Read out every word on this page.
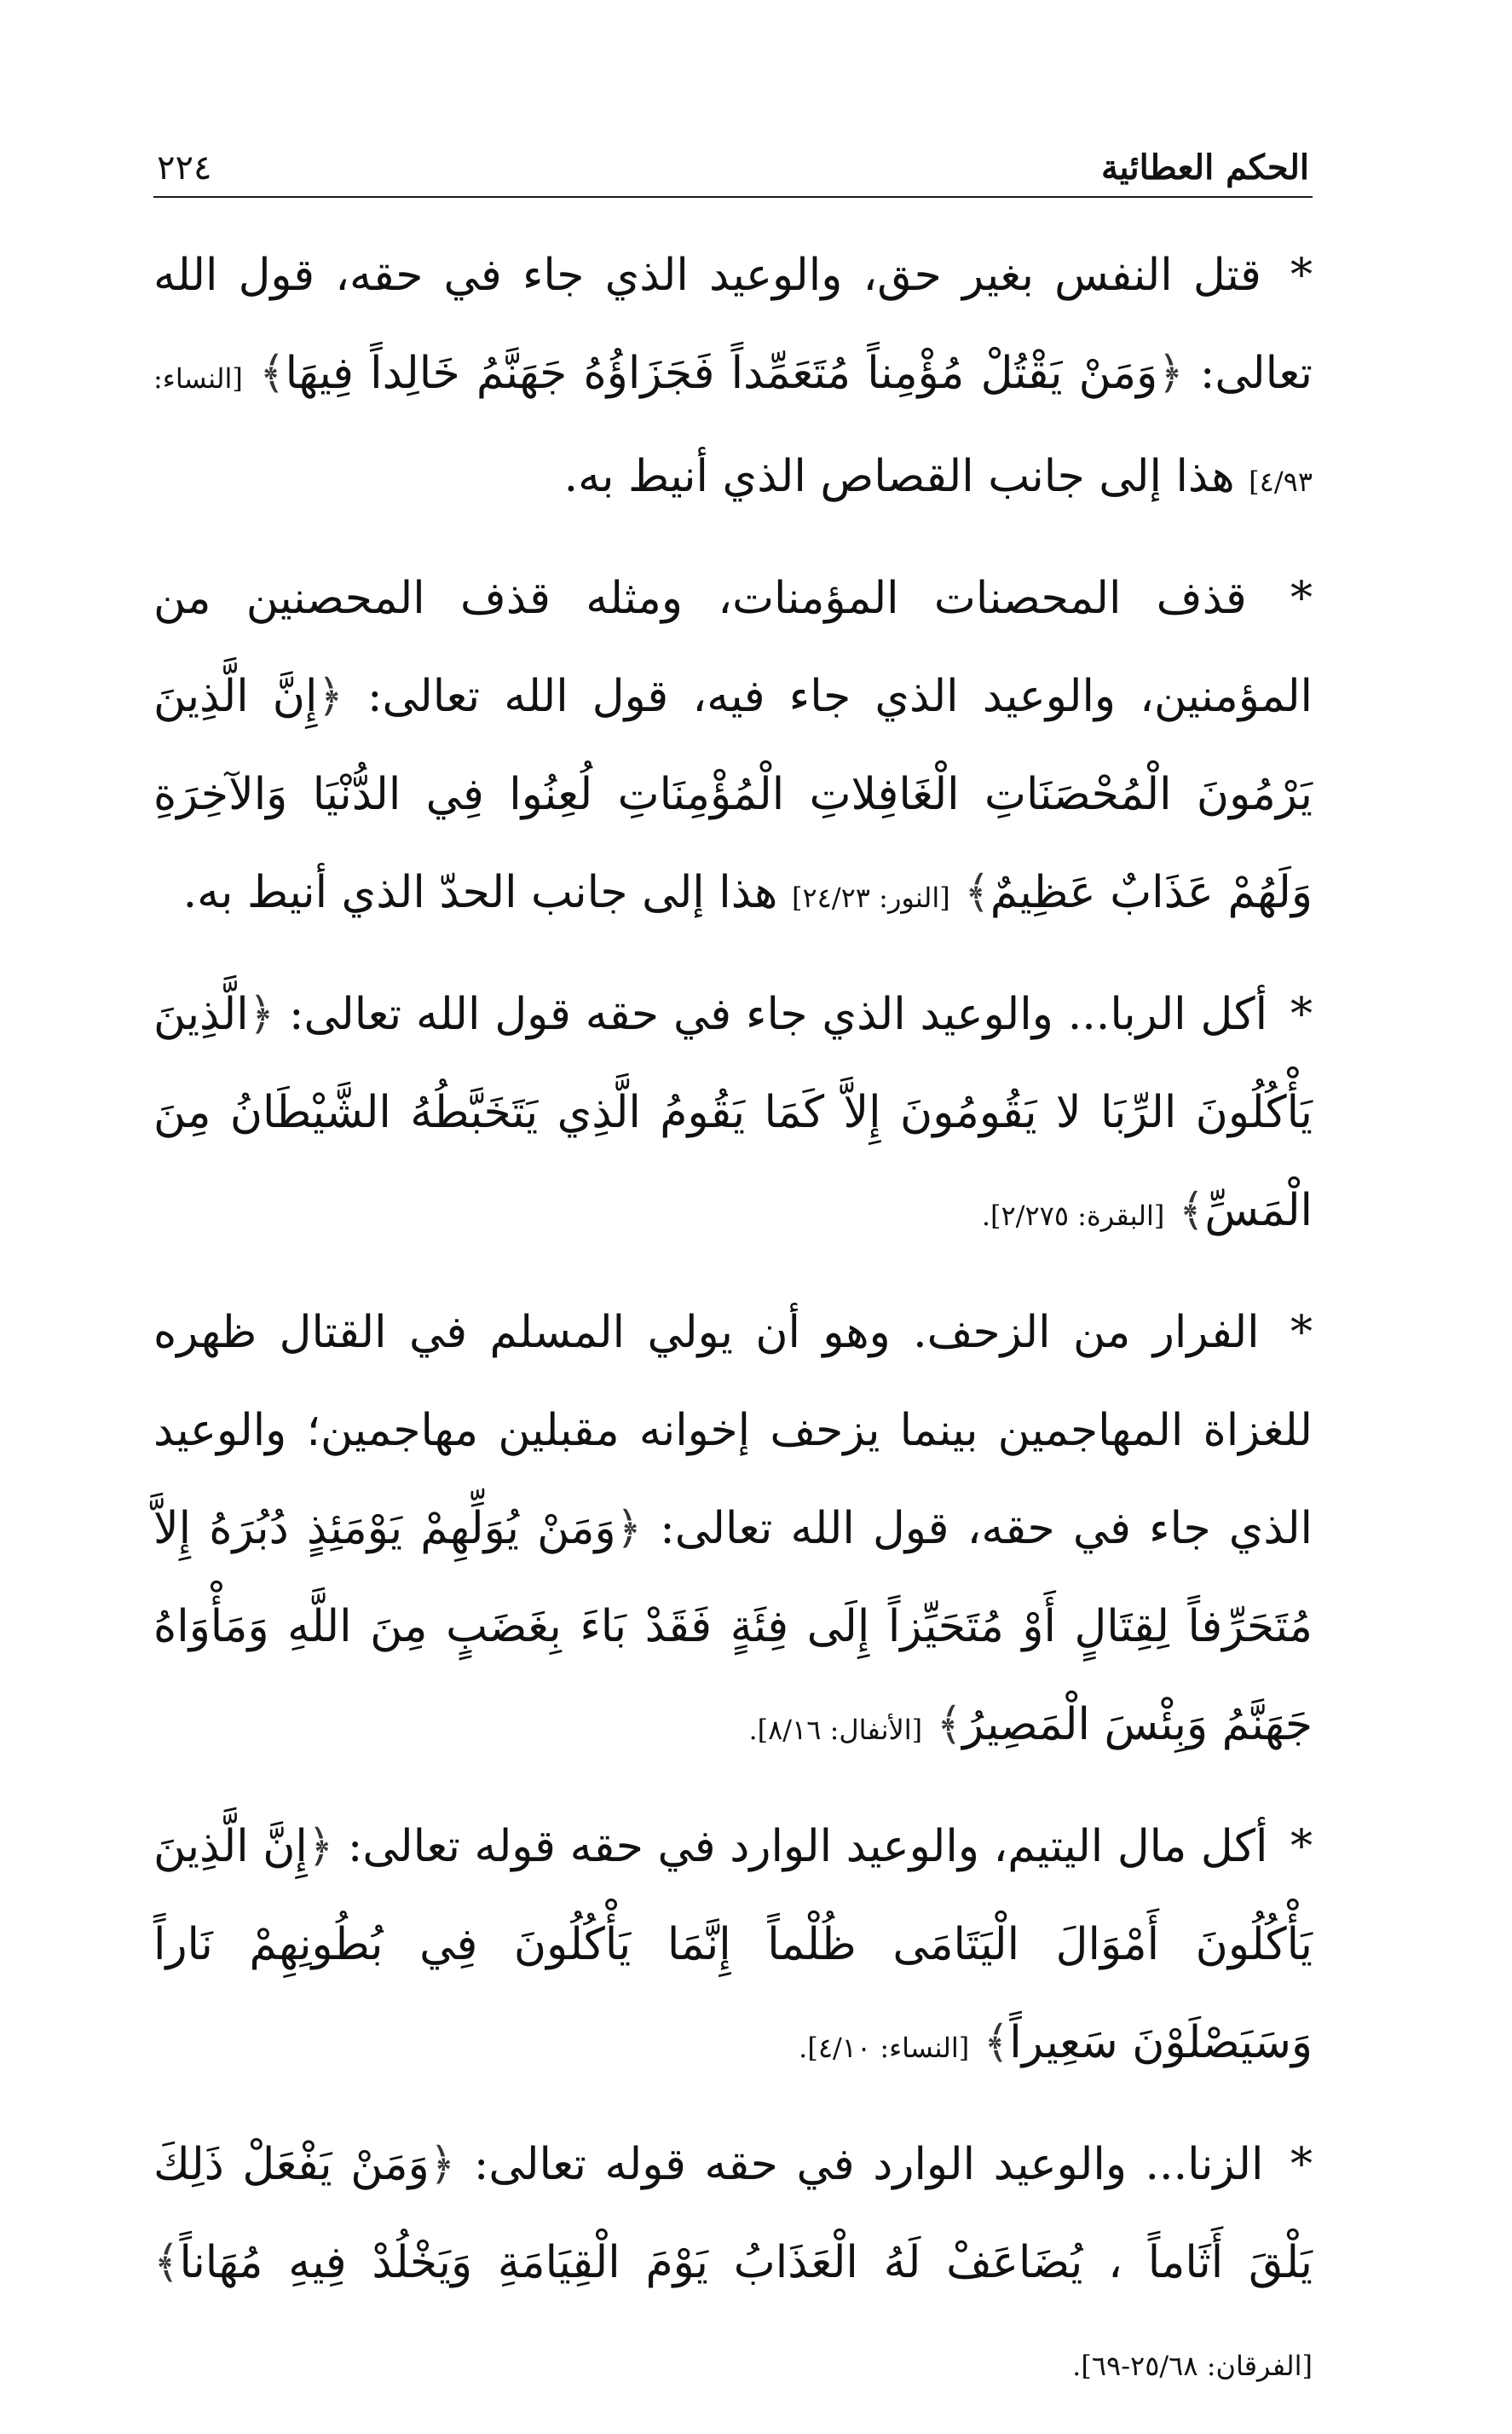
الحكم العطائية
٢٢٤

* قتل النفس بغير حق، والوعيد الذي جاء في حقه، قول الله تعالى: ﴿وَمَنْ يَقْتُلْ مُؤْمِناً مُتَعَمِّداً فَجَزَاؤُهُ جَهَنَّمُ خَالِداً فِيهَا﴾ [النساء: ٤/٩٣] هذا إلى جانب القصاص الذي أنيط به.

* قذف المحصنات المؤمنات، ومثله قذف المحصنين من المؤمنين، والوعيد الذي جاء فيه، قول الله تعالى: ﴿إِنَّ الَّذِينَ يَرْمُونَ الْمُحْصَنَاتِ الْغَافِلاتِ الْمُؤْمِنَاتِ لُعِنُوا فِي الدُّنْيَا وَالآخِرَةِ وَلَهُمْ عَذَابٌ عَظِيمٌ﴾ [النور: ٢٤/٢٣] هذا إلى جانب الحدّ الذي أنيط به.

* أكل الربا... والوعيد الذي جاء في حقه قول الله تعالى: ﴿الَّذِينَ يَأْكُلُونَ الرِّبَا لا يَقُومُونَ إِلاَّ كَمَا يَقُومُ الَّذِي يَتَخَبَّطُهُ الشَّيْطَانُ مِنَ الْمَسِّ﴾ [البقرة: ٢/٢٧٥].

* الفرار من الزحف. وهو أن يولي المسلم في القتال ظهره للغزاة المهاجمين بينما يزحف إخوانه مقبلين مهاجمين؛ والوعيد الذي جاء في حقه، قول الله تعالى: ﴿وَمَنْ يُوَلِّهِمْ يَوْمَئِذٍ دُبُرَهُ إِلاَّ مُتَحَرِّفاً لِقِتَالٍ أَوْ مُتَحَيِّزاً إِلَى فِئَةٍ فَقَدْ بَاءَ بِغَضَبٍ مِنَ اللَّهِ وَمَأْوَاهُ جَهَنَّمُ وَبِئْسَ الْمَصِيرُ﴾ [الأنفال: ٨/١٦].

* أكل مال اليتيم، والوعيد الوارد في حقه قوله تعالى: ﴿إِنَّ الَّذِينَ يَأْكُلُونَ أَمْوَالَ الْيَتَامَى ظُلْماً إِنَّمَا يَأْكُلُونَ فِي بُطُونِهِمْ نَاراً وَسَيَصْلَوْنَ سَعِيراً﴾ [النساء: ٤/١٠].

* الزنا... والوعيد الوارد في حقه قوله تعالى: ﴿وَمَنْ يَفْعَلْ ذَلِكَ يَلْقَ أَثَاماً ، يُضَاعَفْ لَهُ الْعَذَابُ يَوْمَ الْقِيَامَةِ وَيَخْلُدْ فِيهِ مُهَاناً﴾ [الفرقان: ٢٥/٦٨-٦٩].
